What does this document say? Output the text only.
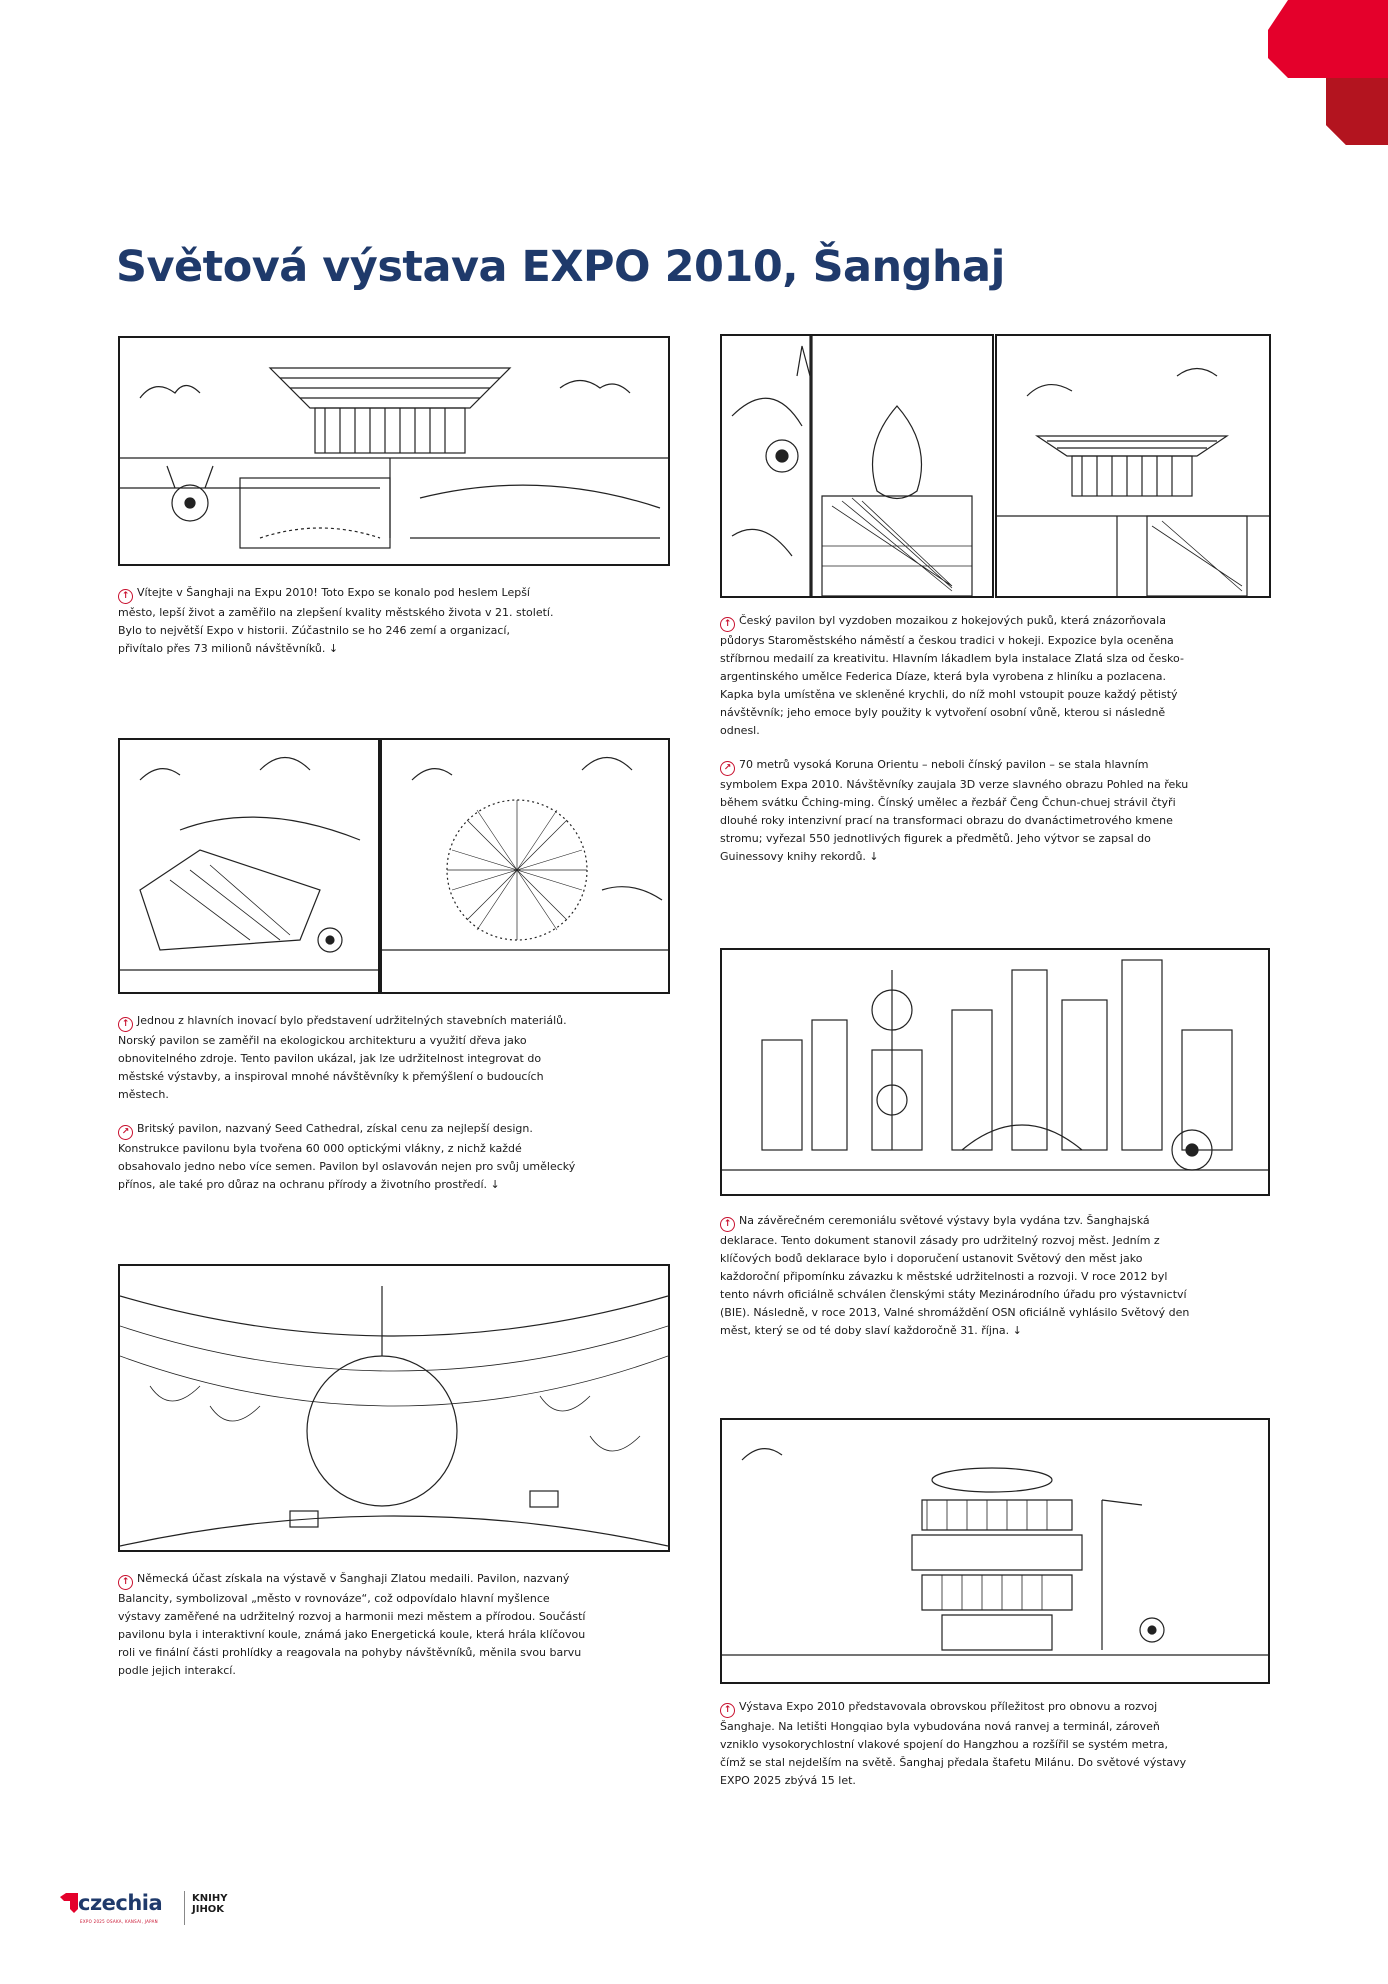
Světová výstava EXPO 2010, Šanghaj

↑ Vítejte v Šanghaji na Expu 2010! Toto Expo se konalo pod heslem Lepší město, lepší život a zaměřilo na zlepšení kvality městského života v 21. století. Bylo to největší Expo v historii. Zúčastnilo se ho 246 zemí a organizací, přivítalo přes 73 milionů návštěvníků. ↓

↑ Český pavilon byl vyzdoben mozaikou z hokejových puků, která znázorňovala půdorys Staroměstského náměstí a českou tradici v hokeji. Expozice byla oceněna stříbrnou medailí za kreativitu. Hlavním lákadlem byla instalace Zlatá slza od česko-argentinského umělce Federica Díaze, která byla vyrobena z hliníku a pozlacena. Kapka byla umístěna ve skleněné krychli, do níž mohl vstoupit pouze každý pětistý návštěvník; jeho emoce byly použity k vytvoření osobní vůně, kterou si následně odnesl.

↗ 70 metrů vysoká Koruna Orientu – neboli čínský pavilon – se stala hlavním symbolem Expa 2010. Návštěvníky zaujala 3D verze slavného obrazu Pohled na řeku během svátku Čching-ming. Čínský umělec a řezbář Čeng Čchun-chuej strávil čtyři dlouhé roky intenzivní prací na transformaci obrazu do dvanáctimetrového kmene stromu; vyřezal 550 jednotlivých figurek a předmětů. Jeho výtvor se zapsal do Guinessovy knihy rekordů. ↓

↑ Jednou z hlavních inovací bylo představení udržitelných stavebních materiálů. Norský pavilon se zaměřil na ekologickou architekturu a využití dřeva jako obnovitelného zdroje. Tento pavilon ukázal, jak lze udržitelnost integrovat do městské výstavby, a inspiroval mnohé návštěvníky k přemýšlení o budoucích městech.

↗ Britský pavilon, nazvaný Seed Cathedral, získal cenu za nejlepší design. Konstrukce pavilonu byla tvořena 60 000 optickými vlákny, z nichž každé obsahovalo jedno nebo více semen. Pavilon byl oslavován nejen pro svůj umělecký přínos, ale také pro důraz na ochranu přírody a životního prostředí. ↓

↑ Na závěrečném ceremoniálu světové výstavy byla vydána tzv. Šanghajská deklarace. Tento dokument stanovil zásady pro udržitelný rozvoj měst. Jedním z klíčových bodů deklarace bylo i doporučení ustanovit Světový den měst jako každoroční připomínku závazku k městské udržitelnosti a rozvoji. V roce 2012 byl tento návrh oficiálně schválen členskými státy Mezinárodního úřadu pro výstavnictví (BIE). Následně, v roce 2013, Valné shromáždění OSN oficiálně vyhlásilo Světový den měst, který se od té doby slaví každoročně 31. října. ↓

↑ Německá účast získala na výstavě v Šanghaji Zlatou medaili. Pavilon, nazvaný Balancity, symbolizoval „město v rovnováze“, což odpovídalo hlavní myšlence výstavy zaměřené na udržitelný rozvoj a harmonii mezi městem a přírodou. Součástí pavilonu byla i interaktivní koule, známá jako Energetická koule, která hrála klíčovou roli ve finální části prohlídky a reagovala na pohyby návštěvníků, měnila svou barvu podle jejich interakcí.

↑ Výstava Expo 2010 představovala obrovskou příležitost pro obnovu a rozvoj Šanghaje. Na letišti Hongqiao byla vybudována nová ranvej a terminál, zároveň vzniklo vysokorychlostní vlakové spojení do Hangzhou a rozšířil se systém metra, čímž se stal nejdelším na světě. Šanghaj předala štafetu Milánu. Do světové výstavy EXPO 2025 zbývá 15 let.

czechia
EXPO 2025 OSAKA, KANSAI, JAPAN
KNIHY JIHOK
